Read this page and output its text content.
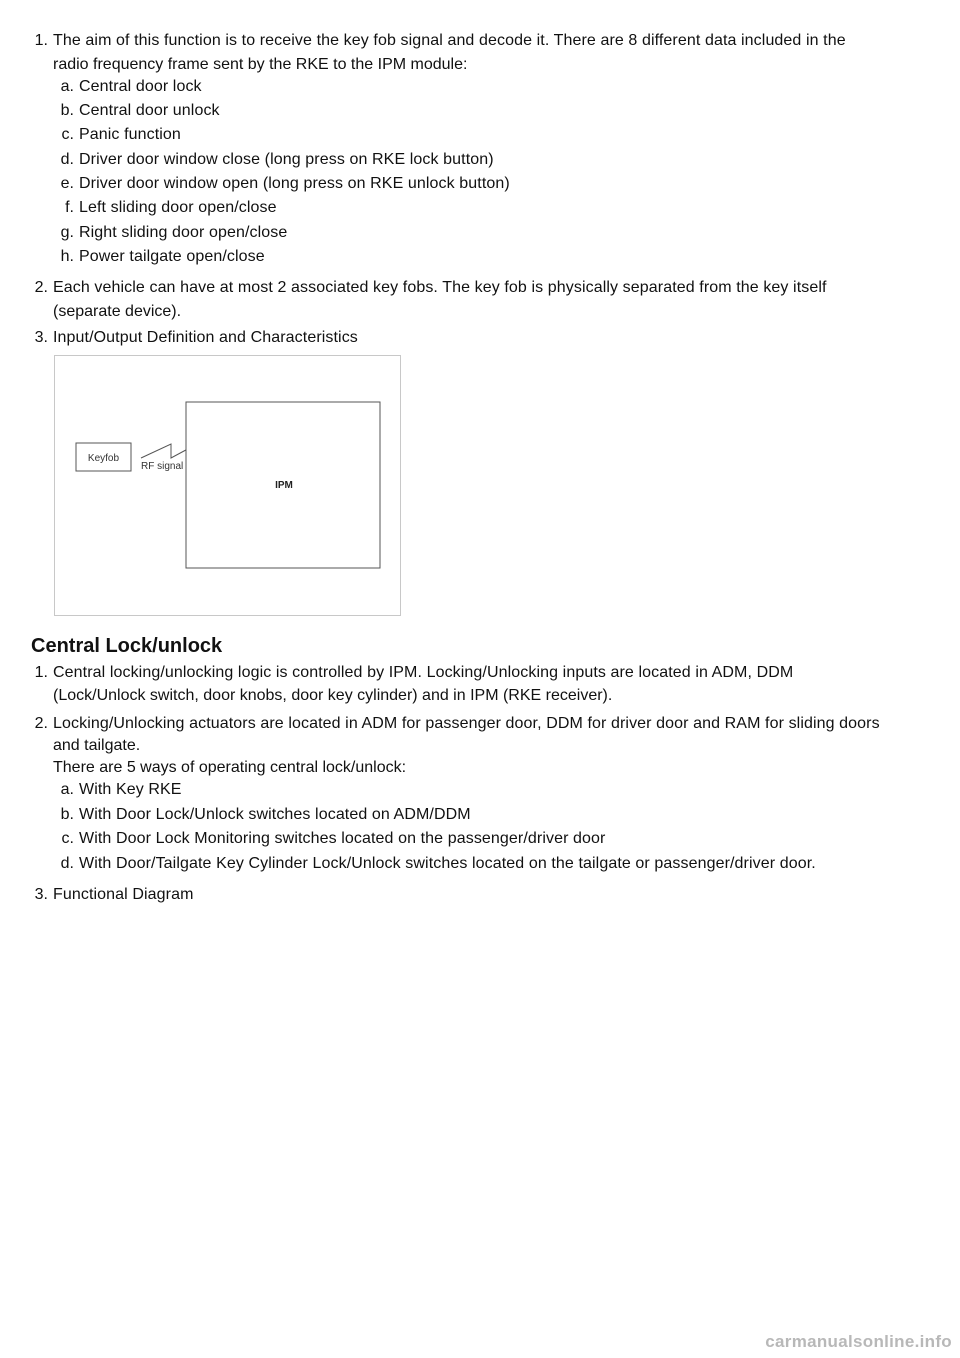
1. The aim of this function is to receive the key fob signal and decode it. There are 8 different data included in the
radio frequency frame sent by the RKE to the IPM module:
a. Central door lock
b. Central door unlock
c. Panic function
d. Driver door window close (long press on RKE lock button)
e. Driver door window open (long press on RKE unlock button)
f. Left sliding door open/close
g. Right sliding door open/close
h. Power tailgate open/close
2. Each vehicle can have at most 2 associated key fobs. The key fob is physically separated from the key itself
(separate device).
3. Input/Output Definition and Characteristics
Keyfob
RF signal
IPM
Central Lock/unlock
1. Central locking/unlocking logic is controlled by IPM. Locking/Unlocking inputs are located in ADM, DDM
(Lock/Unlock switch, door knobs, door key cylinder) and in IPM (RKE receiver).
2. Locking/Unlocking actuators are located in ADM for passenger door, DDM for driver door and RAM for sliding doors
and tailgate.
There are 5 ways of operating central lock/unlock:
a. With Key RKE
b. With Door Lock/Unlock switches located on ADM/DDM
c. With Door Lock Monitoring switches located on the passenger/driver door
d. With Door/Tailgate Key Cylinder Lock/Unlock switches located on the tailgate or passenger/driver door.
3. Functional Diagram
carmanualsonline.info
